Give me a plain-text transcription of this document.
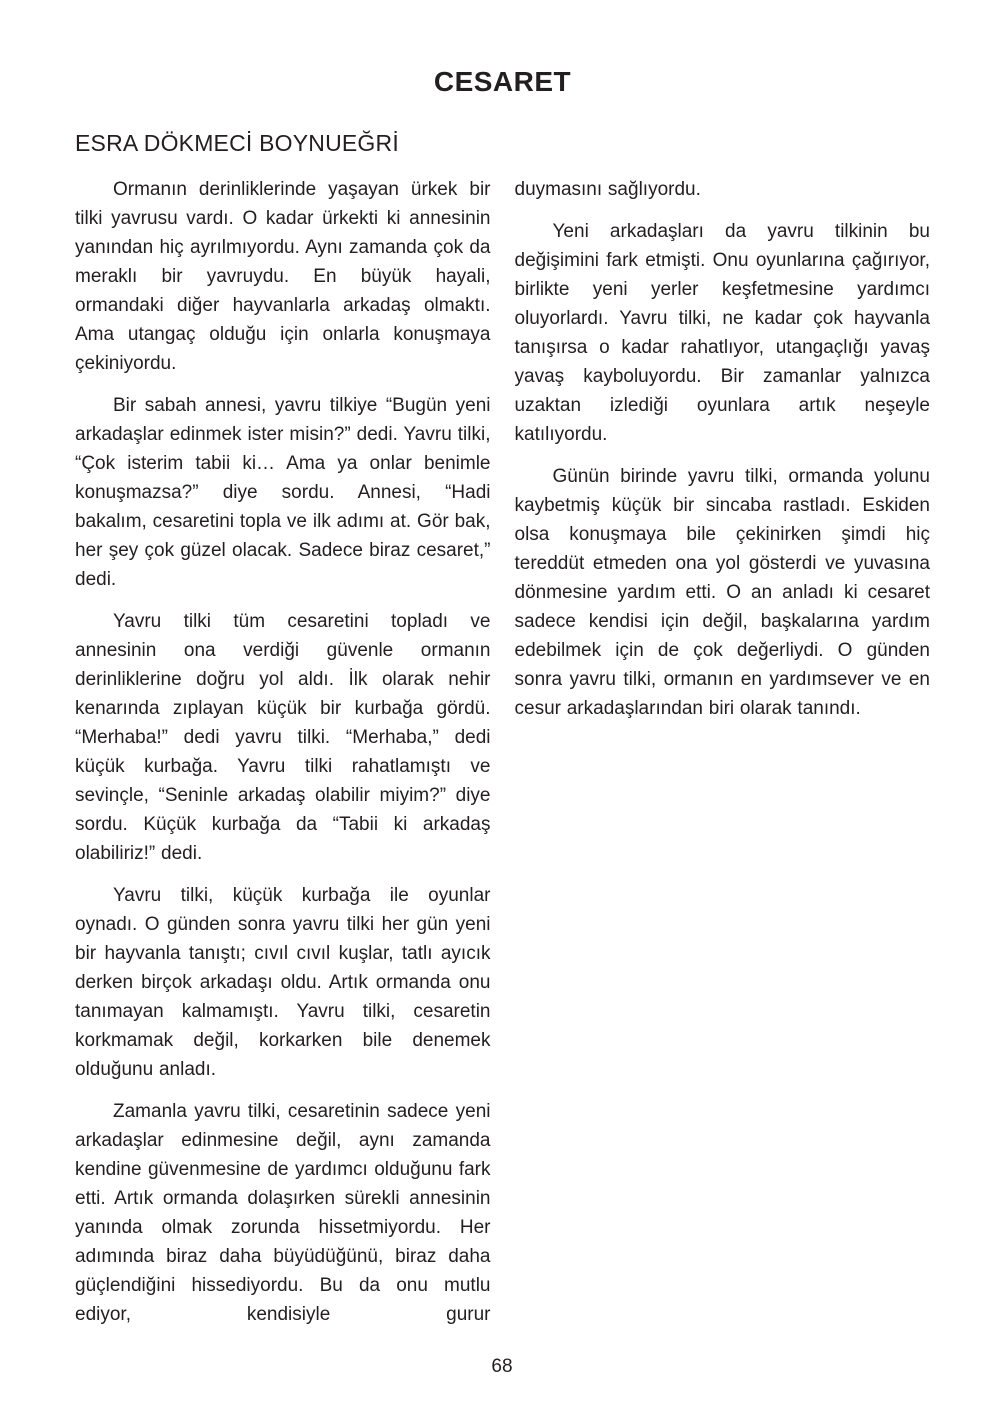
CESARET
ESRA DÖKMECİ BOYNUEĞRİ

Ormanın derinliklerinde yaşayan ürkek bir tilki yavrusu vardı. O kadar ürkekti ki annesinin yanından hiç ayrılmıyordu. Aynı zamanda çok da meraklı bir yavruydu. En büyük hayali, ormandaki diğer hayvanlarla arkadaş olmaktı. Ama utangaç olduğu için onlarla konuşmaya çekiniyordu.

Bir sabah annesi, yavru tilkiye “Bugün yeni arkadaşlar edinmek ister misin?” dedi. Yavru tilki, “Çok isterim tabii ki… Ama ya onlar benimle konuşmazsa?” diye sordu. Annesi, “Hadi bakalım, cesaretini topla ve ilk adımı at. Gör bak, her şey çok güzel olacak. Sadece biraz cesaret,” dedi.

Yavru tilki tüm cesaretini topladı ve annesinin ona verdiği güvenle ormanın derinliklerine doğru yol aldı. İlk olarak nehir kenarında zıplayan küçük bir kurbağa gördü. “Merhaba!” dedi yavru tilki. “Merhaba,” dedi küçük kurbağa. Yavru tilki rahatlamıştı ve sevinçle, “Seninle arkadaş olabilir miyim?” diye sordu. Küçük kurbağa da “Tabii ki arkadaş olabiliriz!” dedi.

Yavru tilki, küçük kurbağa ile oyunlar oynadı. O günden sonra yavru tilki her gün yeni bir hayvanla tanıştı; cıvıl cıvıl kuşlar, tatlı ayıcık derken birçok arkadaşı oldu. Artık ormanda onu tanımayan kalmamıştı. Yavru tilki, cesaretin korkmamak değil, korkarken bile denemek olduğunu anladı.

Zamanla yavru tilki, cesaretinin sadece yeni arkadaşlar edinmesine değil, aynı zamanda kendine güvenmesine de yardımcı olduğunu fark etti. Artık ormanda dolaşırken sürekli annesinin yanında olmak zorunda hissetmiyordu. Her adımında biraz daha büyüdüğünü, biraz daha güçlendiğini hissediyordu. Bu da onu mutlu ediyor, kendisiyle gurur

duymasını sağlıyordu.

Yeni arkadaşları da yavru tilkinin bu değişimini fark etmişti. Onu oyunlarına çağırıyor, birlikte yeni yerler keşfetmesine yardımcı oluyorlardı. Yavru tilki, ne kadar çok hayvanla tanışırsa o kadar rahatlıyor, utangaçlığı yavaş yavaş kayboluyordu. Bir zamanlar yalnızca uzaktan izlediği oyunlara artık neşeyle katılıyordu.

Günün birinde yavru tilki, ormanda yolunu kaybetmiş küçük bir sincaba rastladı. Eskiden olsa konuşmaya bile çekinirken şimdi hiç tereddüt etmeden ona yol gösterdi ve yuvasına dönmesine yardım etti. O an anladı ki cesaret sadece kendisi için değil, başkalarına yardım edebilmek için de çok değerliydi. O günden sonra yavru tilki, ormanın en yardımsever ve en cesur arkadaşlarından biri olarak tanındı.

68
